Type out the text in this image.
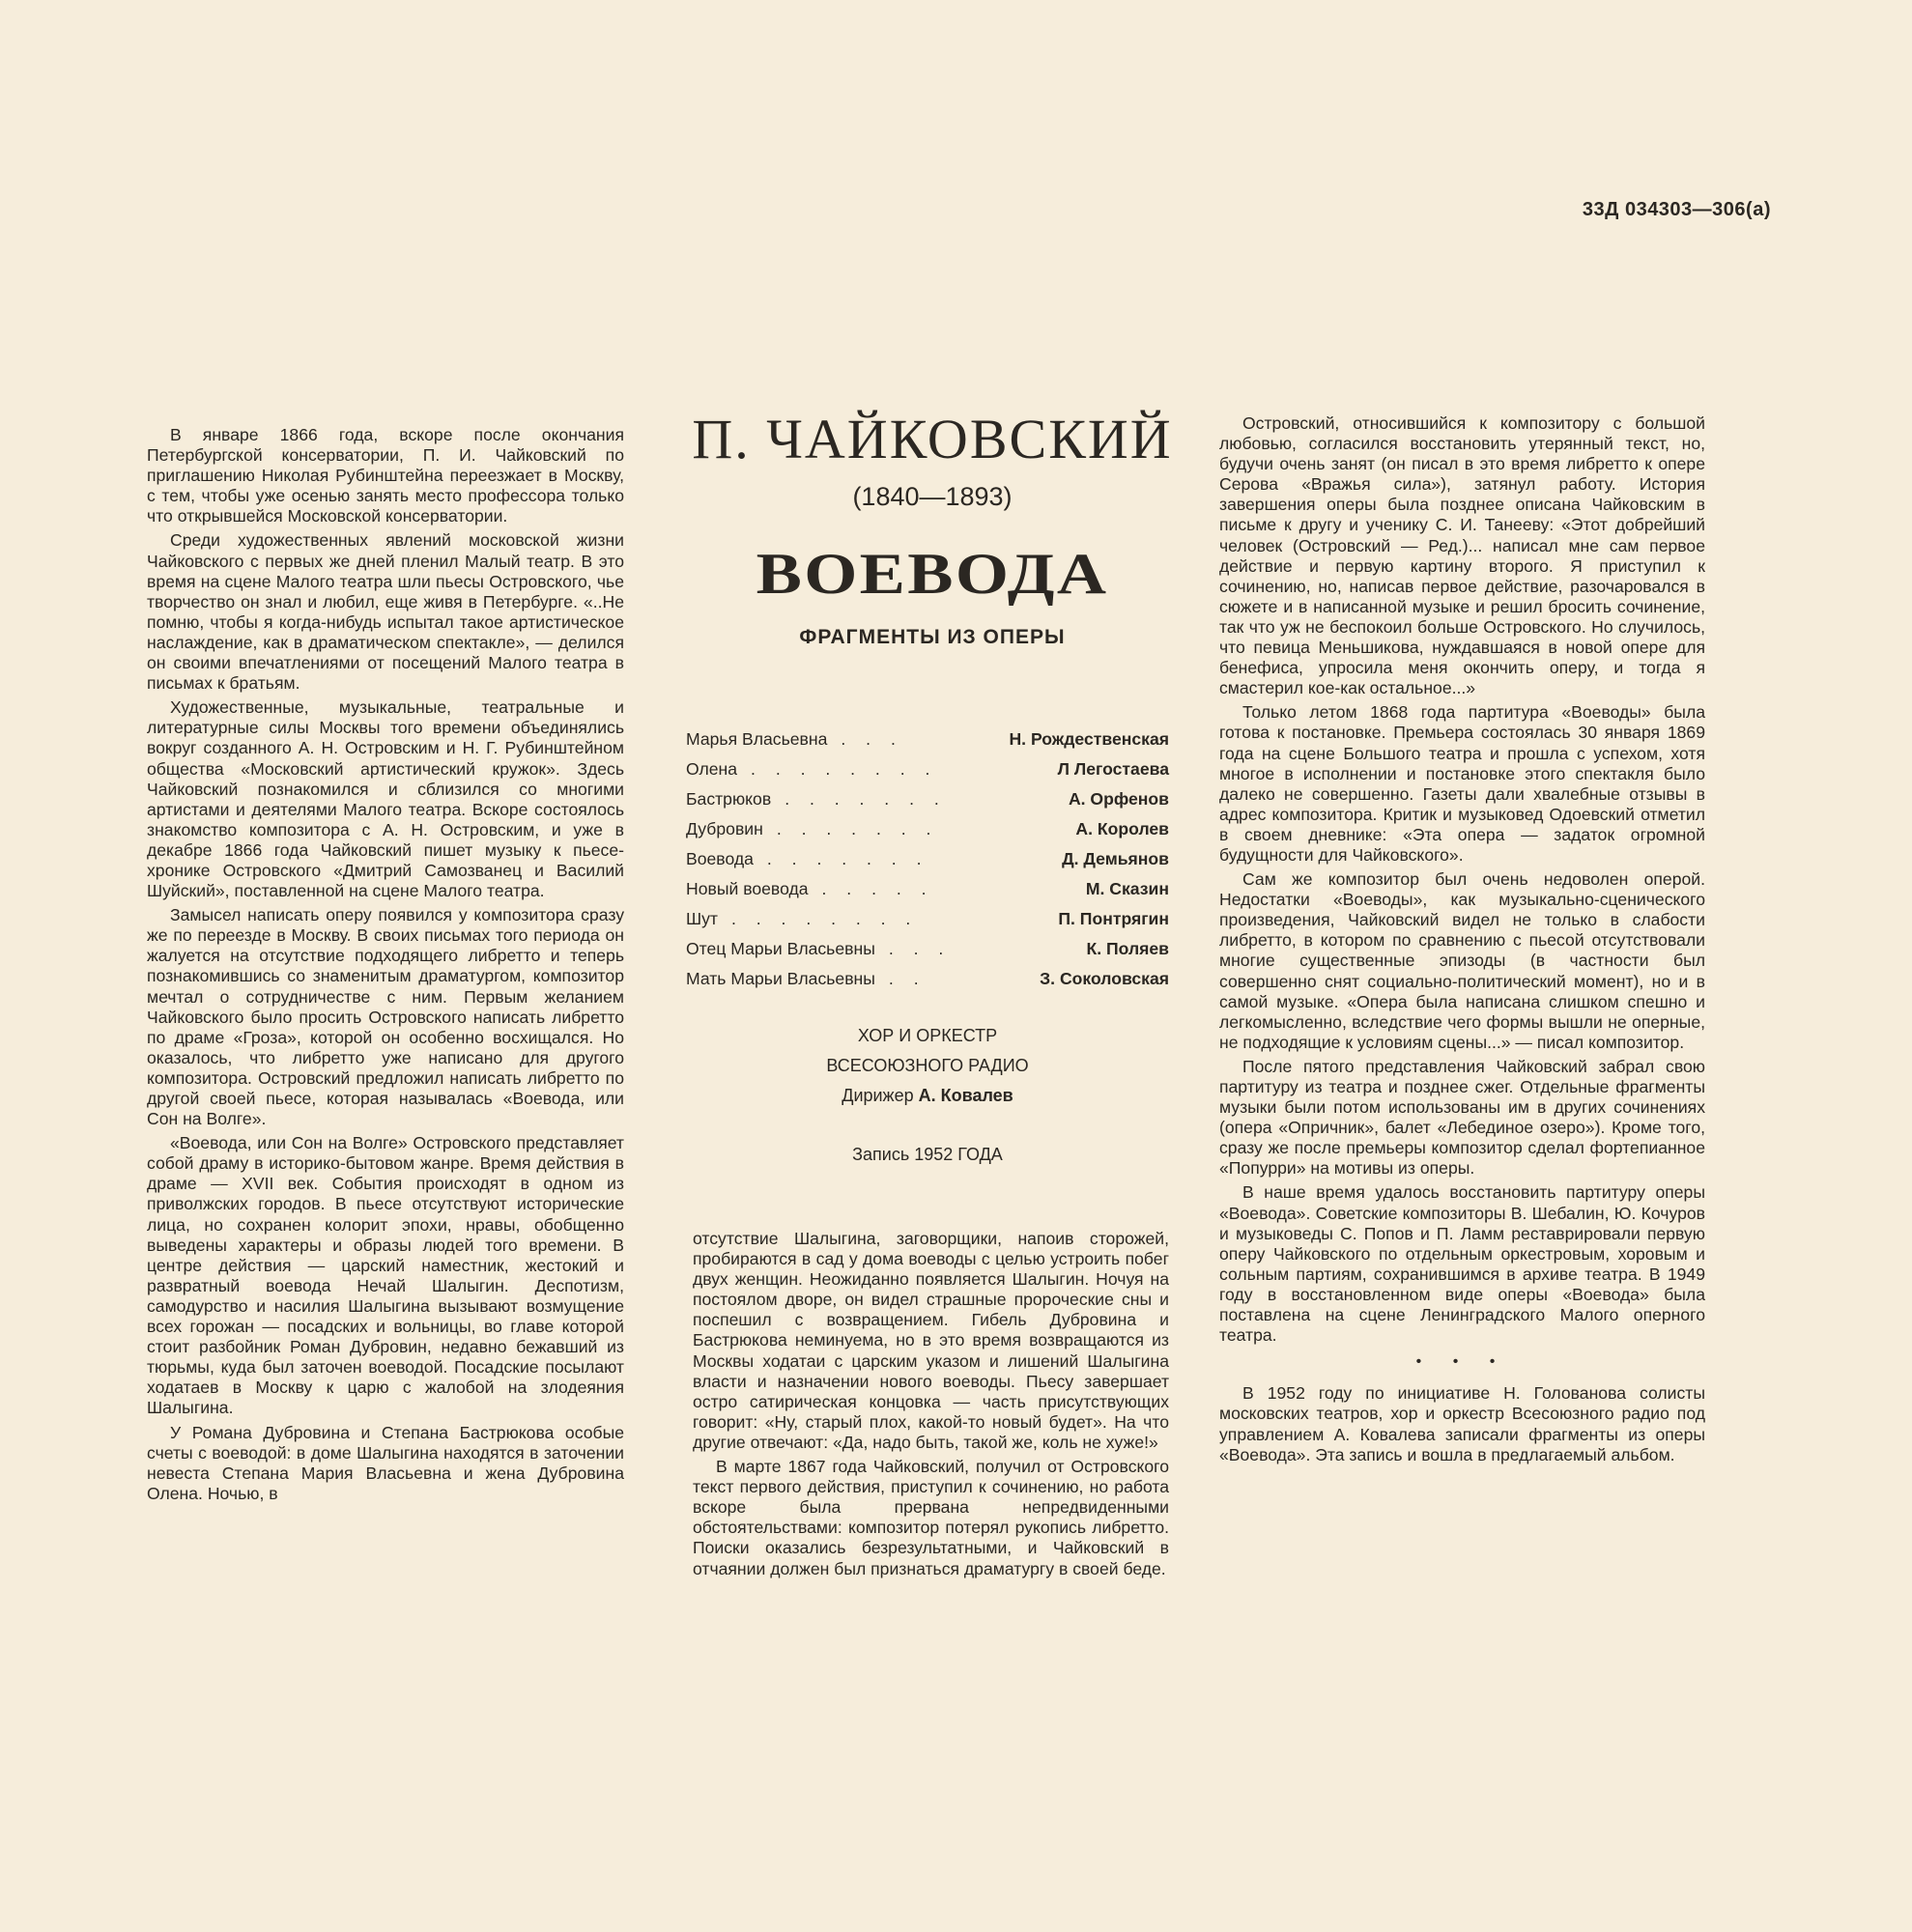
33Д 034303—306(а)

В январе 1866 года, вскоре после окончания Петербургской консерватории, П. И. Чайковский по приглашению Николая Рубинштейна переезжает в Москву, с тем, чтобы уже осенью занять место профессора только что открывшейся Московской консерватории.

Среди художественных явлений московской жизни Чайковского с первых же дней пленил Малый театр. В это время на сцене Малого театра шли пьесы Островского, чье творчество он знал и любил, еще живя в Петербурге. «..Не помню, чтобы я когда-нибудь испытал такое артистическое наслаждение, как в драматическом спектакле», — делился он своими впечатлениями от посещений Малого театра в письмах к братьям.

Художественные, музыкальные, театральные и литературные силы Москвы того времени объединялись вокруг созданного А. Н. Островским и Н. Г. Рубинштейном общества «Московский артистический кружок». Здесь Чайковский познакомился и сблизился со многими артистами и деятелями Малого театра. Вскоре состоялось знакомство композитора с А. Н. Островским, и уже в декабре 1866 года Чайковский пишет музыку к пьесе-хронике Островского «Дмитрий Самозванец и Василий Шуйский», поставленной на сцене Малого театра.

Замысел написать оперу появился у композитора сразу же по переезде в Москву. В своих письмах того периода он жалуется на отсутствие подходящего либретто и теперь познакомившись со знаменитым драматургом, композитор мечтал о сотрудничестве с ним. Первым желанием Чайковского было просить Островского написать либретто по драме «Гроза», которой он особенно восхищался. Но оказалось, что либретто уже написано для другого композитора. Островский предложил написать либретто по другой своей пьесе, которая называлась «Воевода, или Сон на Волге».

«Воевода, или Сон на Волге» Островского представляет собой драму в историко-бытовом жанре. Время действия в драме — XVII век. События происходят в одном из приволжских городов. В пьесе отсутствуют исторические лица, но сохранен колорит эпохи, нравы, обобщенно выведены характеры и образы людей того времени. В центре действия — царский наместник, жестокий и развратный воевода Нечай Шалыгин. Деспотизм, самодурство и насилия Шалыгина вызывают возмущение всех горожан — посадских и вольницы, во главе которой стоит разбойник Роман Дубровин, недавно бежавший из тюрьмы, куда был заточен воеводой. Посадские посылают ходатаев в Москву к царю с жалобой на злодеяния Шалыгина.

У Романа Дубровина и Степана Бастрюкова особые счеты с воеводой: в доме Шалыгина находятся в заточении невеста Степана Мария Власьевна и жена Дубровина Олена. Ночью, в

П. ЧАЙКОВСКИЙ
(1840—1893)
ВОЕВОДА
ФРАГМЕНТЫ ИЗ ОПЕРЫ
Марья Власьевна . . .	Н. Рождественская
Олена . . . . . . . .	Л Легостаева
Бастрюков . . . . . . .	А. Орфенов
Дубровин . . . . . . .	А. Королев
Воевода . . . . . . .	Д. Демьянов
Новый воевода . . . . .	М. Сказин
Шут . . . . . . . .	П. Понтрягин
Отец Марьи Власьевны . . .	К. Поляев
Мать Марьи Власьевны . .	З. Соколовская
ХОР И ОРКЕСТР
ВСЕСОЮЗНОГО РАДИО
Дирижер А. Ковалев
Запись 1952 ГОДА

отсутствие Шалыгина, заговорщики, напоив сторожей, пробираются в сад у дома воеводы с целью устроить побег двух женщин. Неожиданно появляется Шалыгин. Ночуя на постоялом дворе, он видел страшные пророческие сны и поспешил с возвращением. Гибель Дубровина и Бастрюкова неминуема, но в это время возвращаются из Москвы ходатаи с царским указом и лишений Шалыгина власти и назначении нового воеводы. Пьесу завершает остро сатирическая концовка — часть присутствующих говорит: «Ну, старый плох, какой-то новый будет». На что другие отвечают: «Да, надо быть, такой же, коль не хуже!»

В марте 1867 года Чайковский, получил от Островского текст первого действия, приступил к сочинению, но работа вскоре была прервана непредвиденными обстоятельствами: композитор потерял рукопись либретто. Поиски оказались безрезультатными, и Чайковский в отчаянии должен был признаться драматургу в своей беде.

Островский, относившийся к композитору с большой любовью, согласился восстановить утерянный текст, но, будучи очень занят (он писал в это время либретто к опере Серова «Вражья сила»), затянул работу. История завершения оперы была позднее описана Чайковским в письме к другу и ученику С. И. Танееву: «Этот добрейший человек (Островский — Ред.)... написал мне сам первое действие и первую картину второго. Я приступил к сочинению, но, написав первое действие, разочаровался в сюжете и в написанной музыке и решил бросить сочинение, так что уж не беспокоил больше Островского. Но случилось, что певица Меньшикова, нуждавшаяся в новой опере для бенефиса, упросила меня окончить оперу, и тогда я смастерил кое-как остальное...»

Только летом 1868 года партитура «Воеводы» была готова к постановке. Премьера состоялась 30 января 1869 года на сцене Большого театра и прошла с успехом, хотя многое в исполнении и постановке этого спектакля было далеко не совершенно. Газеты дали хвалебные отзывы в адрес композитора. Критик и музыковед Одоевский отметил в своем дневнике: «Эта опера — задаток огромной будущности для Чайковского».

Сам же композитор был очень недоволен оперой. Недостатки «Воеводы», как музыкально-сценического произведения, Чайковский видел не только в слабости либретто, в котором по сравнению с пьесой отсутствовали многие существенные эпизоды (в частности был совершенно снят социально-политический момент), но и в самой музыке. «Опера была написана слишком спешно и легкомысленно, вследствие чего формы вышли не оперные, не подходящие к условиям сцены...» — писал композитор.

После пятого представления Чайковский забрал свою партитуру из театра и позднее сжег. Отдельные фрагменты музыки были потом использованы им в других сочинениях (опера «Опричник», балет «Лебединое озеро»). Кроме того, сразу же после премьеры композитор сделал фортепианное «Попурри» на мотивы из оперы.

В наше время удалось восстановить партитуру оперы «Воевода». Советские композиторы В. Шебалин, Ю. Кочуров и музыковеды С. Попов и П. Ламм реставрировали первую оперу Чайковского по отдельным оркестровым, хоровым и сольным партиям, сохранившимся в архиве театра. В 1949 году в восстановленном виде оперы «Воевода» была поставлена на сцене Ленинградского Малого оперного театра.

• • •

В 1952 году по инициативе Н. Голованова солисты московских театров, хор и оркестр Всесоюзного радио под управлением А. Ковалева записали фрагменты из оперы «Воевода». Эта запись и вошла в предлагаемый альбом.
